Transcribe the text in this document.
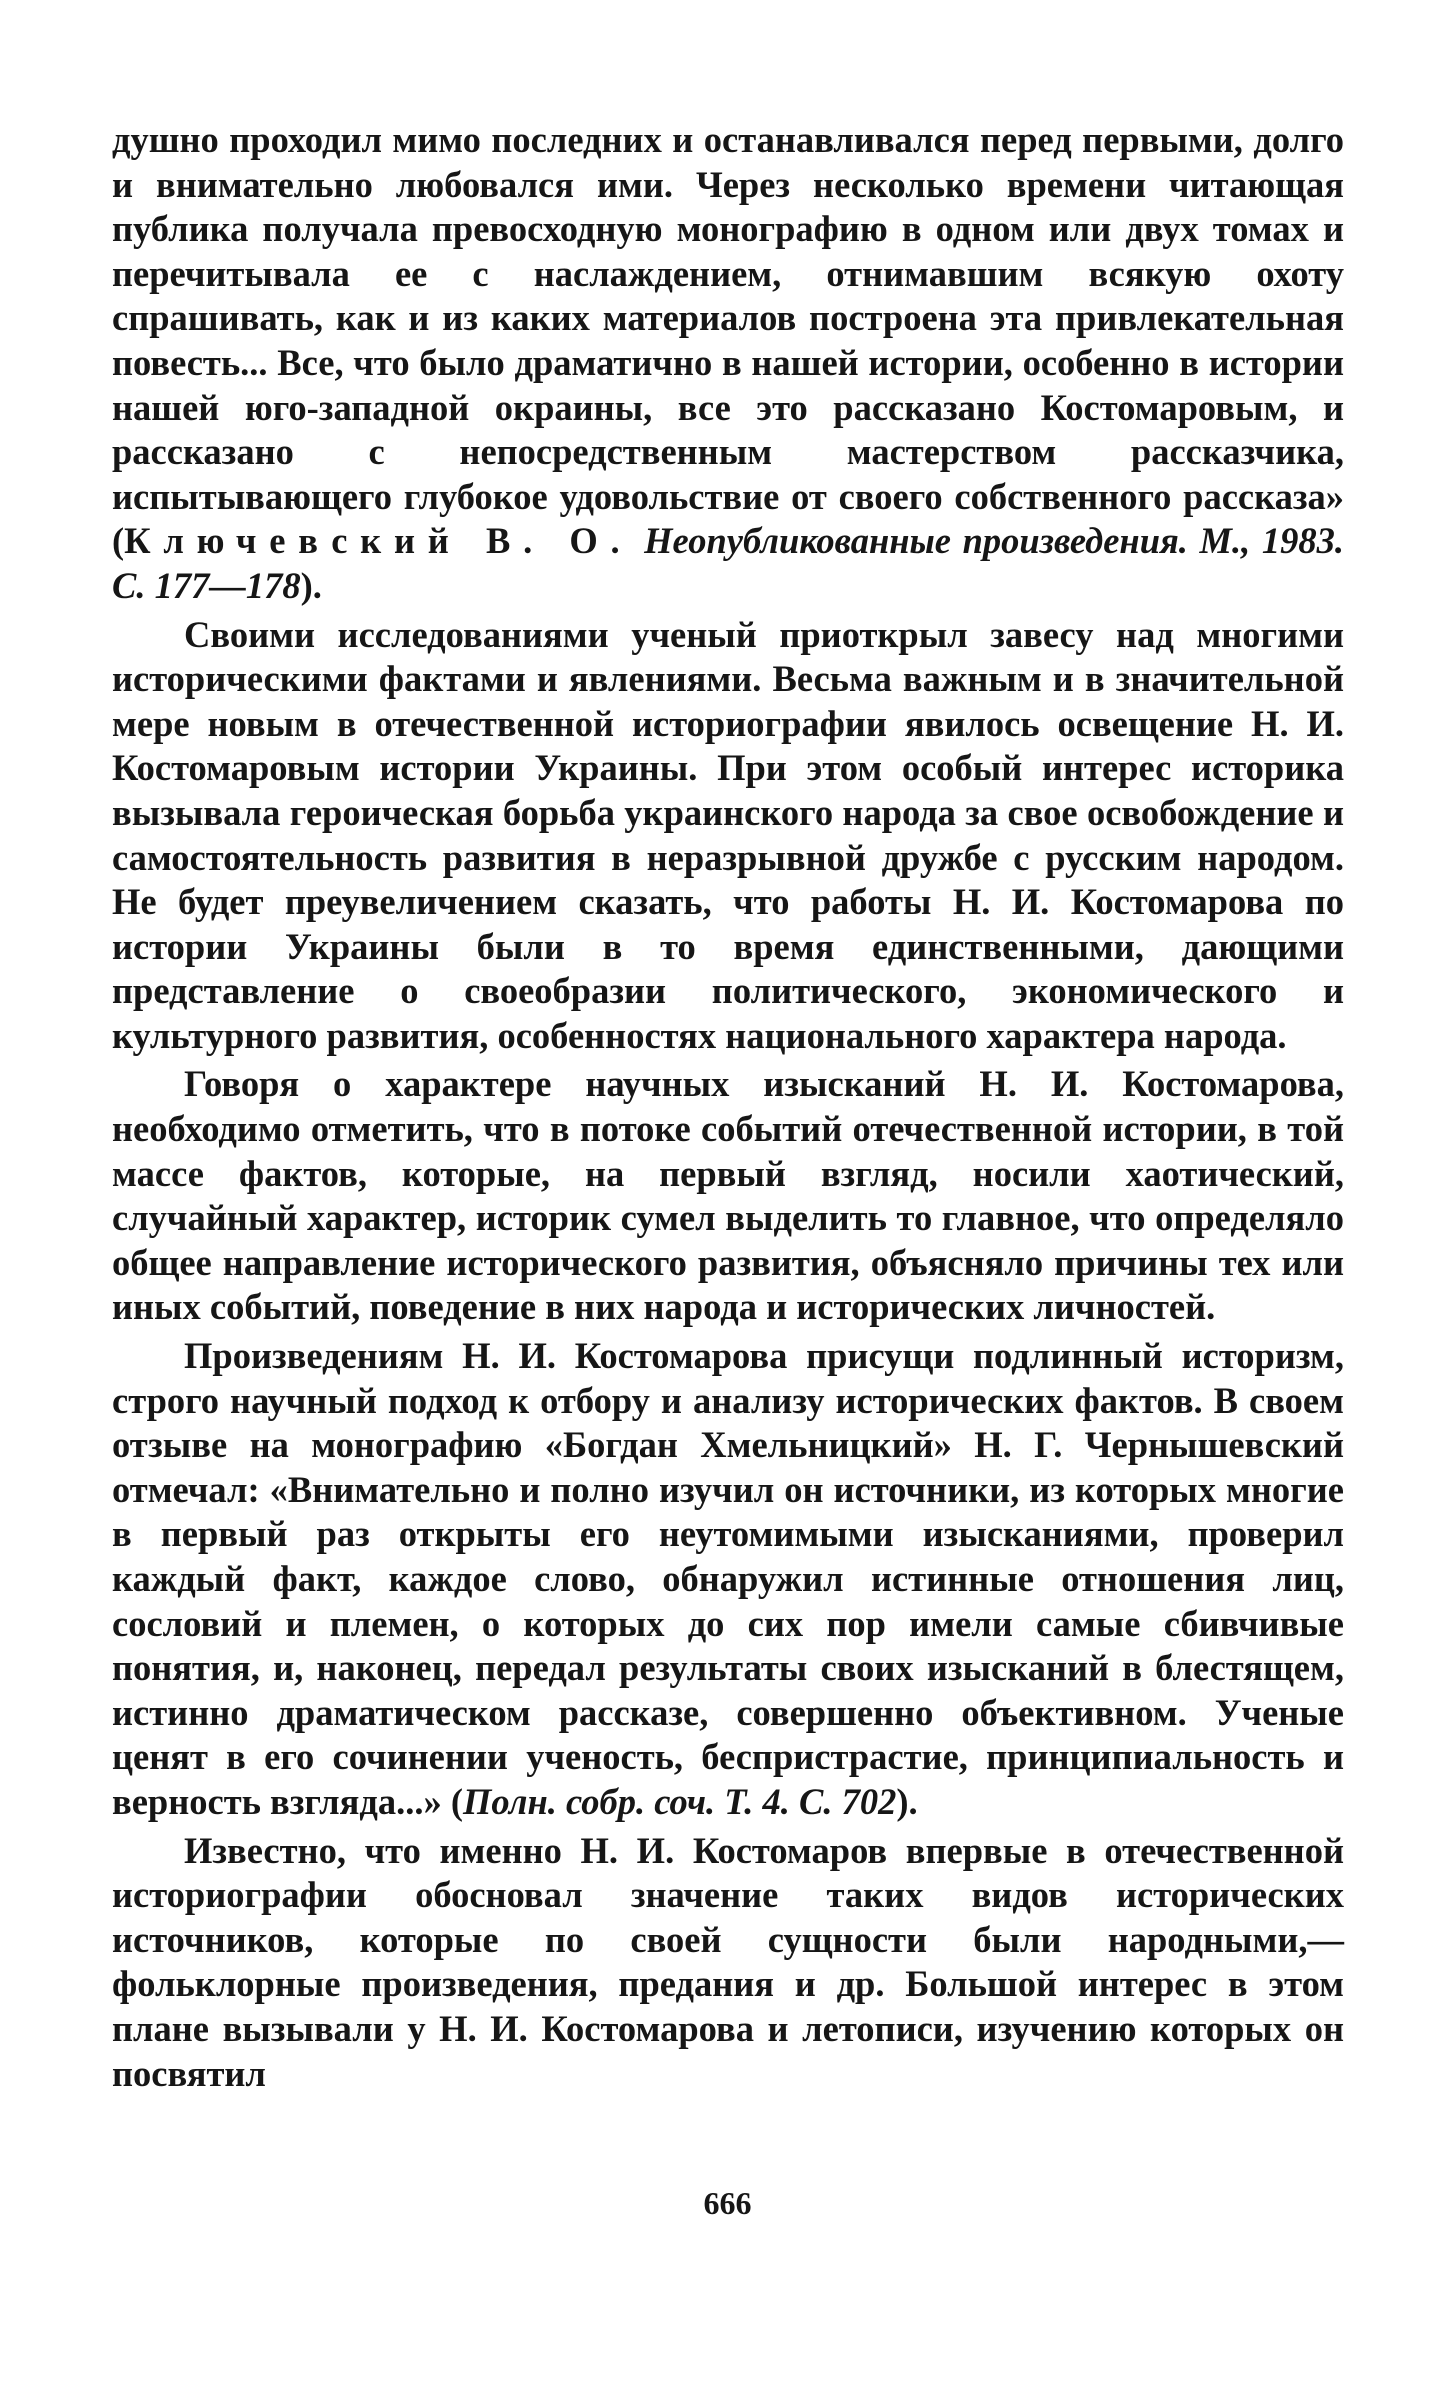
душно проходил мимо последних и останавливался перед первыми, долго и внимательно любовался ими. Через несколько времени читающая публика получала превосходную монографию в одном или двух томах и перечитывала ее с наслаждением, отнимавшим всякую охоту спрашивать, как и из каких материалов построена эта привлекательная повесть... Все, что было драматично в нашей истории, особенно в истории нашей юго-западной окраины, все это рассказано Костомаровым, и рассказано с непосредственным мастерством рассказчика, испытывающего глубокое удовольствие от своего собственного рассказа» (Ключевский В. О. Неопубликованные произведения. М., 1983. С. 177—178).

Своими исследованиями ученый приоткрыл завесу над многими историческими фактами и явлениями. Весьма важным и в значительной мере новым в отечественной историографии явилось освещение Н. И. Костомаровым истории Украины. При этом особый интерес историка вызывала героическая борьба украинского народа за свое освобождение и самостоятельность развития в неразрывной дружбе с русским народом. Не будет преувеличением сказать, что работы Н. И. Костомарова по истории Украины были в то время единственными, дающими представление о своеобразии политического, экономического и культурного развития, особенностях национального характера народа.

Говоря о характере научных изысканий Н. И. Костомарова, необходимо отметить, что в потоке событий отечественной истории, в той массе фактов, которые, на первый взгляд, носили хаотический, случайный характер, историк сумел выделить то главное, что определяло общее направление исторического развития, объясняло причины тех или иных событий, поведение в них народа и исторических личностей.

Произведениям Н. И. Костомарова присущи подлинный историзм, строго научный подход к отбору и анализу исторических фактов. В своем отзыве на монографию «Богдан Хмельницкий» Н. Г. Чернышевский отмечал: «Внимательно и полно изучил он источники, из которых многие в первый раз открыты его неутомимыми изысканиями, проверил каждый факт, каждое слово, обнаружил истинные отношения лиц, сословий и племен, о которых до сих пор имели самые сбивчивые понятия, и, наконец, передал результаты своих изысканий в блестящем, истинно драматическом рассказе, совершенно объективном. Ученые ценят в его сочинении ученость, беспристрастие, принципиальность и верность взгляда...» (Полн. собр. соч. Т. 4. С. 702).

Известно, что именно Н. И. Костомаров впервые в отечественной историографии обосновал значение таких видов исторических источников, которые по своей сущности были народными,— фольклорные произведения, предания и др. Большой интерес в этом плане вызывали у Н. И. Костомарова и летописи, изучению которых он посвятил

666
